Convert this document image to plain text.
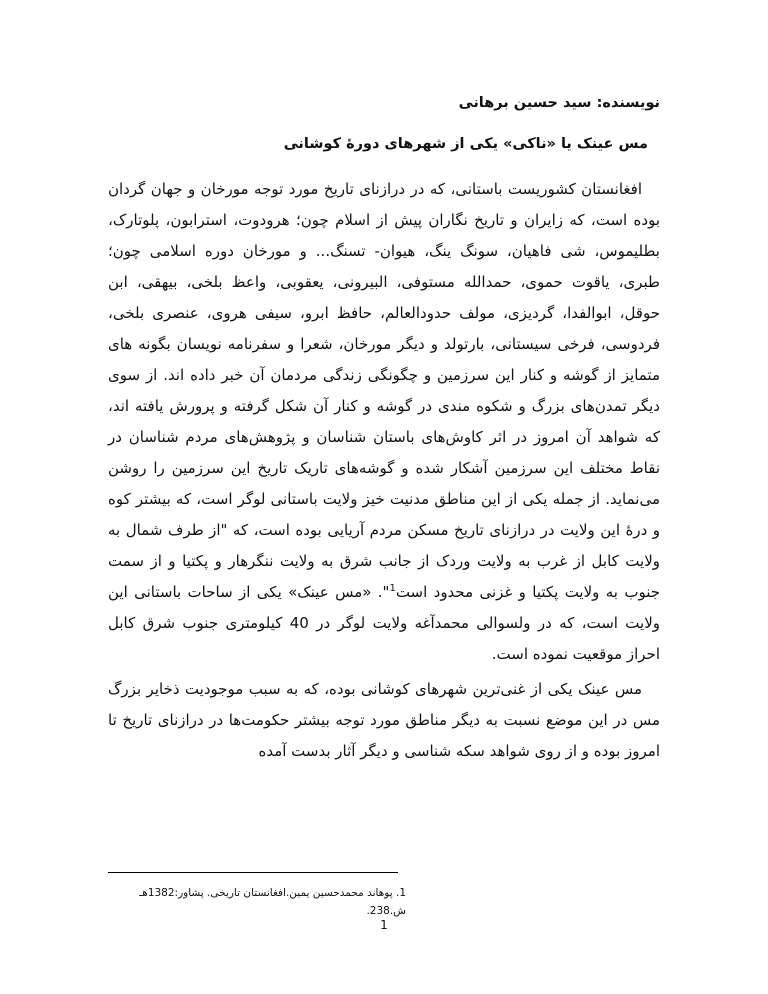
نویسنده: سید حسین برهانی

مس عینک یا «ناکی» یکی از شهرهای دورهٔ کوشانی

افغانستان کشوریست باستانی، که در درازنای تاریخ مورد توجه مورخان و جهان گردان بوده است، که زایران و تاریخ نگاران پیش از اسلام چون؛ هرودوت، استرابون، پلوتارک، بطلیموس، شی فاهیان، سونگ ینگ، هیوان- تسنگ... و مورخان دوره اسلامی چون؛ طبری، یاقوت حموی، حمدالله مستوفی، البیرونی، یعقوبی، واعظ بلخی، بیهقی، ابن حوقل، ابوالفدا، گردیزی، مولف حدودالعالم، حافظ ابرو، سیفی هروی، عنصری بلخی، فردوسی، فرخی سیستانی، بارتولد و دیگر مورخان، شعرا و سفرنامه نویسان بگونه های متمایز از گوشه و کنار این سرزمین و چگونگی زندگی مردمان آن خبر داده اند. از سوی دیگر تمدن‌های بزرگ و شکوه مندی در گوشه و کنار آن شکل گرفته و پرورش یافته اند، که شواهد آن امروز در اثر کاوش‌های باستان شناسان و پژوهش‌های مردم شناسان در نقاط مختلف این سرزمین آشکار شده و گوشه‌های تاریک تاریخ این سرزمین را روشن می‌نماید. از جمله یکی از این مناطق مدنیت خیز ولایت باستانی لوگر است، که بیشتر کوه و درهٔ این ولایت در درازنای تاریخ مسکن مردم آریایی بوده است، که "از طرف شمال به ولایت کابل از غرب به ولایت وردک از جانب شرق به ولایت ننگرهار و پکتیا و از سمت جنوب به ولایت پکتیا و غزنی محدود است$^1$". «مس عینک» یکی از ساحات باستانی این ولایت است، که در ولسوالی محمدآغه ولایت لوگر در 40 کیلومتری جنوب شرق کابل احراز موقعیت نموده است.

مس عینک یکی از غنی‌ترین شهرهای کوشانی بوده، که به سبب موجودیت ذخایر بزرگ مس در این موضع نسبت به دیگر مناطق مورد توجه بیشتر حکومت‌ها در درازنای تاریخ تا امروز بوده و از روی شواهد سکه شناسی و دیگر آثار بدست آمده

1. پوهاند محمدحسین یمین.افغانستان تاریخی. پشاور:1382هـ ش.238.
1
